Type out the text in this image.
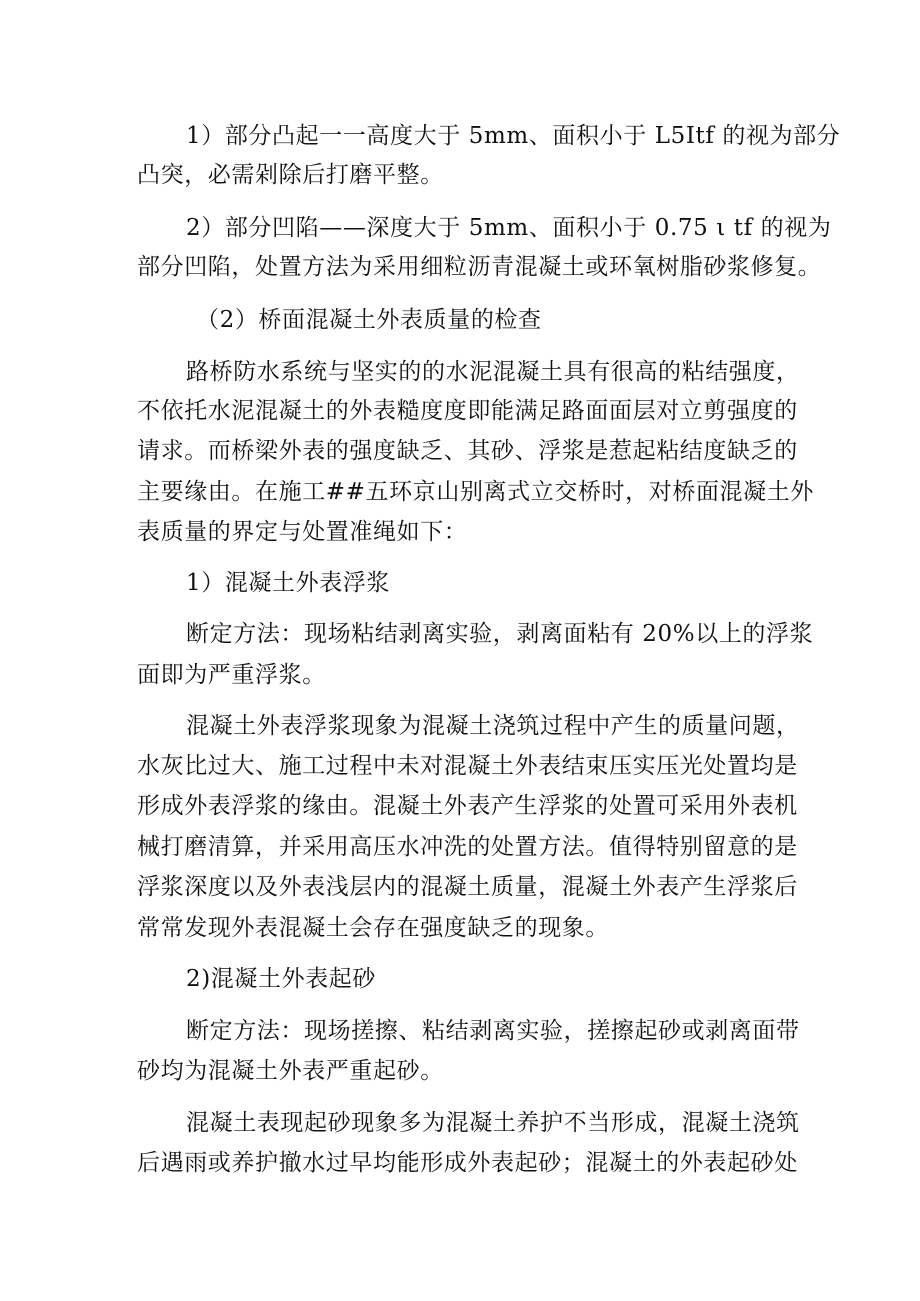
1）部分凸起一一高度大于 5mm、面积小于 L5Itf 的视为部分
凸突，必需剁除后打磨平整。
2）部分凹陷——深度大于 5mm、面积小于 0.75 ι tf 的视为
部分凹陷，处置方法为采用细粒沥青混凝土或环氧树脂砂浆修复。
（2）桥面混凝土外表质量的检查
路桥防水系统与坚实的的水泥混凝土具有很高的粘结强度，
不依托水泥混凝土的外表糙度度即能满足路面面层对立剪强度的
请求。而桥梁外表的强度缺乏、其砂、浮浆是惹起粘结度缺乏的
主要缘由。在施工##五环京山别离式立交桥时，对桥面混凝土外
表质量的界定与处置准绳如下：
1）混凝土外表浮浆
断定方法：现场粘结剥离实验，剥离面粘有 20%以上的浮浆
面即为严重浮浆。
混凝土外表浮浆现象为混凝土浇筑过程中产生的质量问题，
水灰比过大、施工过程中未对混凝土外表结束压实压光处置均是
形成外表浮浆的缘由。混凝土外表产生浮浆的处置可采用外表机
械打磨清算，并采用高压水冲洗的处置方法。值得特别留意的是
浮浆深度以及外表浅层内的混凝土质量，混凝土外表产生浮浆后
常常发现外表混凝土会存在强度缺乏的现象。
2)混凝土外表起砂
断定方法：现场搓擦、粘结剥离实验，搓擦起砂或剥离面带
砂均为混凝土外表严重起砂。
混凝土表现起砂现象多为混凝土养护不当形成，混凝土浇筑
后遇雨或养护撤水过早均能形成外表起砂；混凝土的外表起砂处
